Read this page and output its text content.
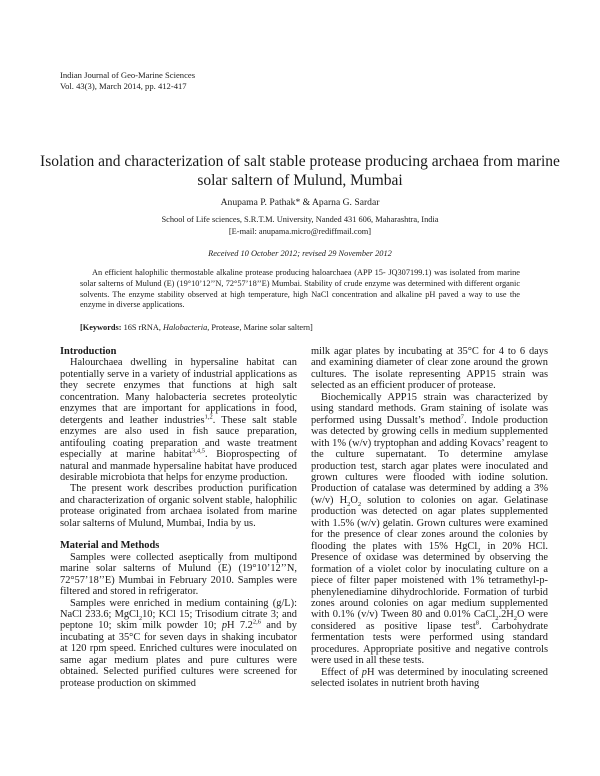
Indian Journal of Geo-Marine Sciences
Vol. 43(3), March 2014, pp. 412-417
Isolation and characterization of salt stable protease producing archaea from marine solar saltern of Mulund, Mumbai
Anupama P. Pathak* & Aparna G. Sardar
School of Life sciences, S.R.T.M. University, Nanded 431 606, Maharashtra, India
[E-mail: anupama.micro@rediffmail.com]
Received 10 October 2012; revised 29 November 2012
An efficient halophilic thermostable alkaline protease producing haloarchaea (APP 15- JQ307199.1) was isolated from marine solar salterns of Mulund (E) (19°10’12’’N, 72°57’18’’E) Mumbai. Stability of crude enzyme was determined with different organic solvents. The enzyme stability observed at high temperature, high NaCl concentration and alkaline pH paved a way to use the enzyme in diverse applications.
[Keywords: 16S rRNA, Halobacteria, Protease, Marine solar saltern]
Introduction

Halourchaea dwelling in hypersaline habitat can potentially serve in a variety of industrial applications as they secrete enzymes that functions at high salt concentration. Many halobacteria secretes proteolytic enzymes that are important for applications in food, detergents and leather industries$^{1,2}$. These salt stable enzymes are also used in fish sauce preparation, antifouling coating preparation and waste treatment especially at marine habitat$^{3,4,5}$. Bioprospecting of natural and manmade hypersaline habitat have produced desirable microbiota that helps for enzyme production.

The present work describes production purification and characterization of organic solvent stable, halophilic protease originated from archaea isolated from marine solar salterns of Mulund, Mumbai, India by us.

Material and Methods

Samples were collected aseptically from multipond marine solar salterns of Mulund (E) (19°10’12’’N, 72°57’18’’E) Mumbai in February 2010. Samples were filtered and stored in refrigerator.

Samples were enriched in medium containing (g/L): NaCl 233.6; MgCl$_2$10; KCl 15; Trisodium citrate 3; and peptone 10; skim milk powder 10; pH 7.2$^{2,6}$ and by incubating at 35°C for seven days in shaking incubator at 120 rpm speed. Enriched cultures were inoculated on same agar medium plates and pure cultures were obtained. Selected purified cultures were screened for protease production on skimmed

milk agar plates by incubating at 35°C for 4 to 6 days and examining diameter of clear zone around the grown cultures. The isolate representing APP15 strain was selected as an efficient producer of protease.

Biochemically APP15 strain was characterized by using standard methods. Gram staining of isolate was performed using Dussalt’s method$^7$. Indole production was detected by growing cells in medium supplemented with 1% (w/v) tryptophan and adding Kovacs’ reagent to the culture supernatant. To determine amylase production test, starch agar plates were inoculated and grown cultures were flooded with iodine solution. Production of catalase was determined by adding a 3% (w/v) $H_2O_2$ solution to colonies on agar. Gelatinase production was detected on agar plates supplemented with 1.5% (w/v) gelatin. Grown cultures were examined for the presence of clear zones around the colonies by flooding the plates with 15% HgCl$_2$ in 20% HCl. Presence of oxidase was determined by observing the formation of a violet color by inoculating culture on a piece of filter paper moistened with 1% tetramethyl-p-phenylenediamine dihydrochloride. Formation of turbid zones around colonies on agar medium supplemented with 0.1% (v/v) Tween 80 and 0.01% $CaCl_2.2H_2O$ were considered as positive lipase test$^8$. Carbohydrate fermentation tests were performed using standard procedures. Appropriate positive and negative controls were used in all these tests.

Effect of pH was determined by inoculating screened selected isolates in nutrient broth having
